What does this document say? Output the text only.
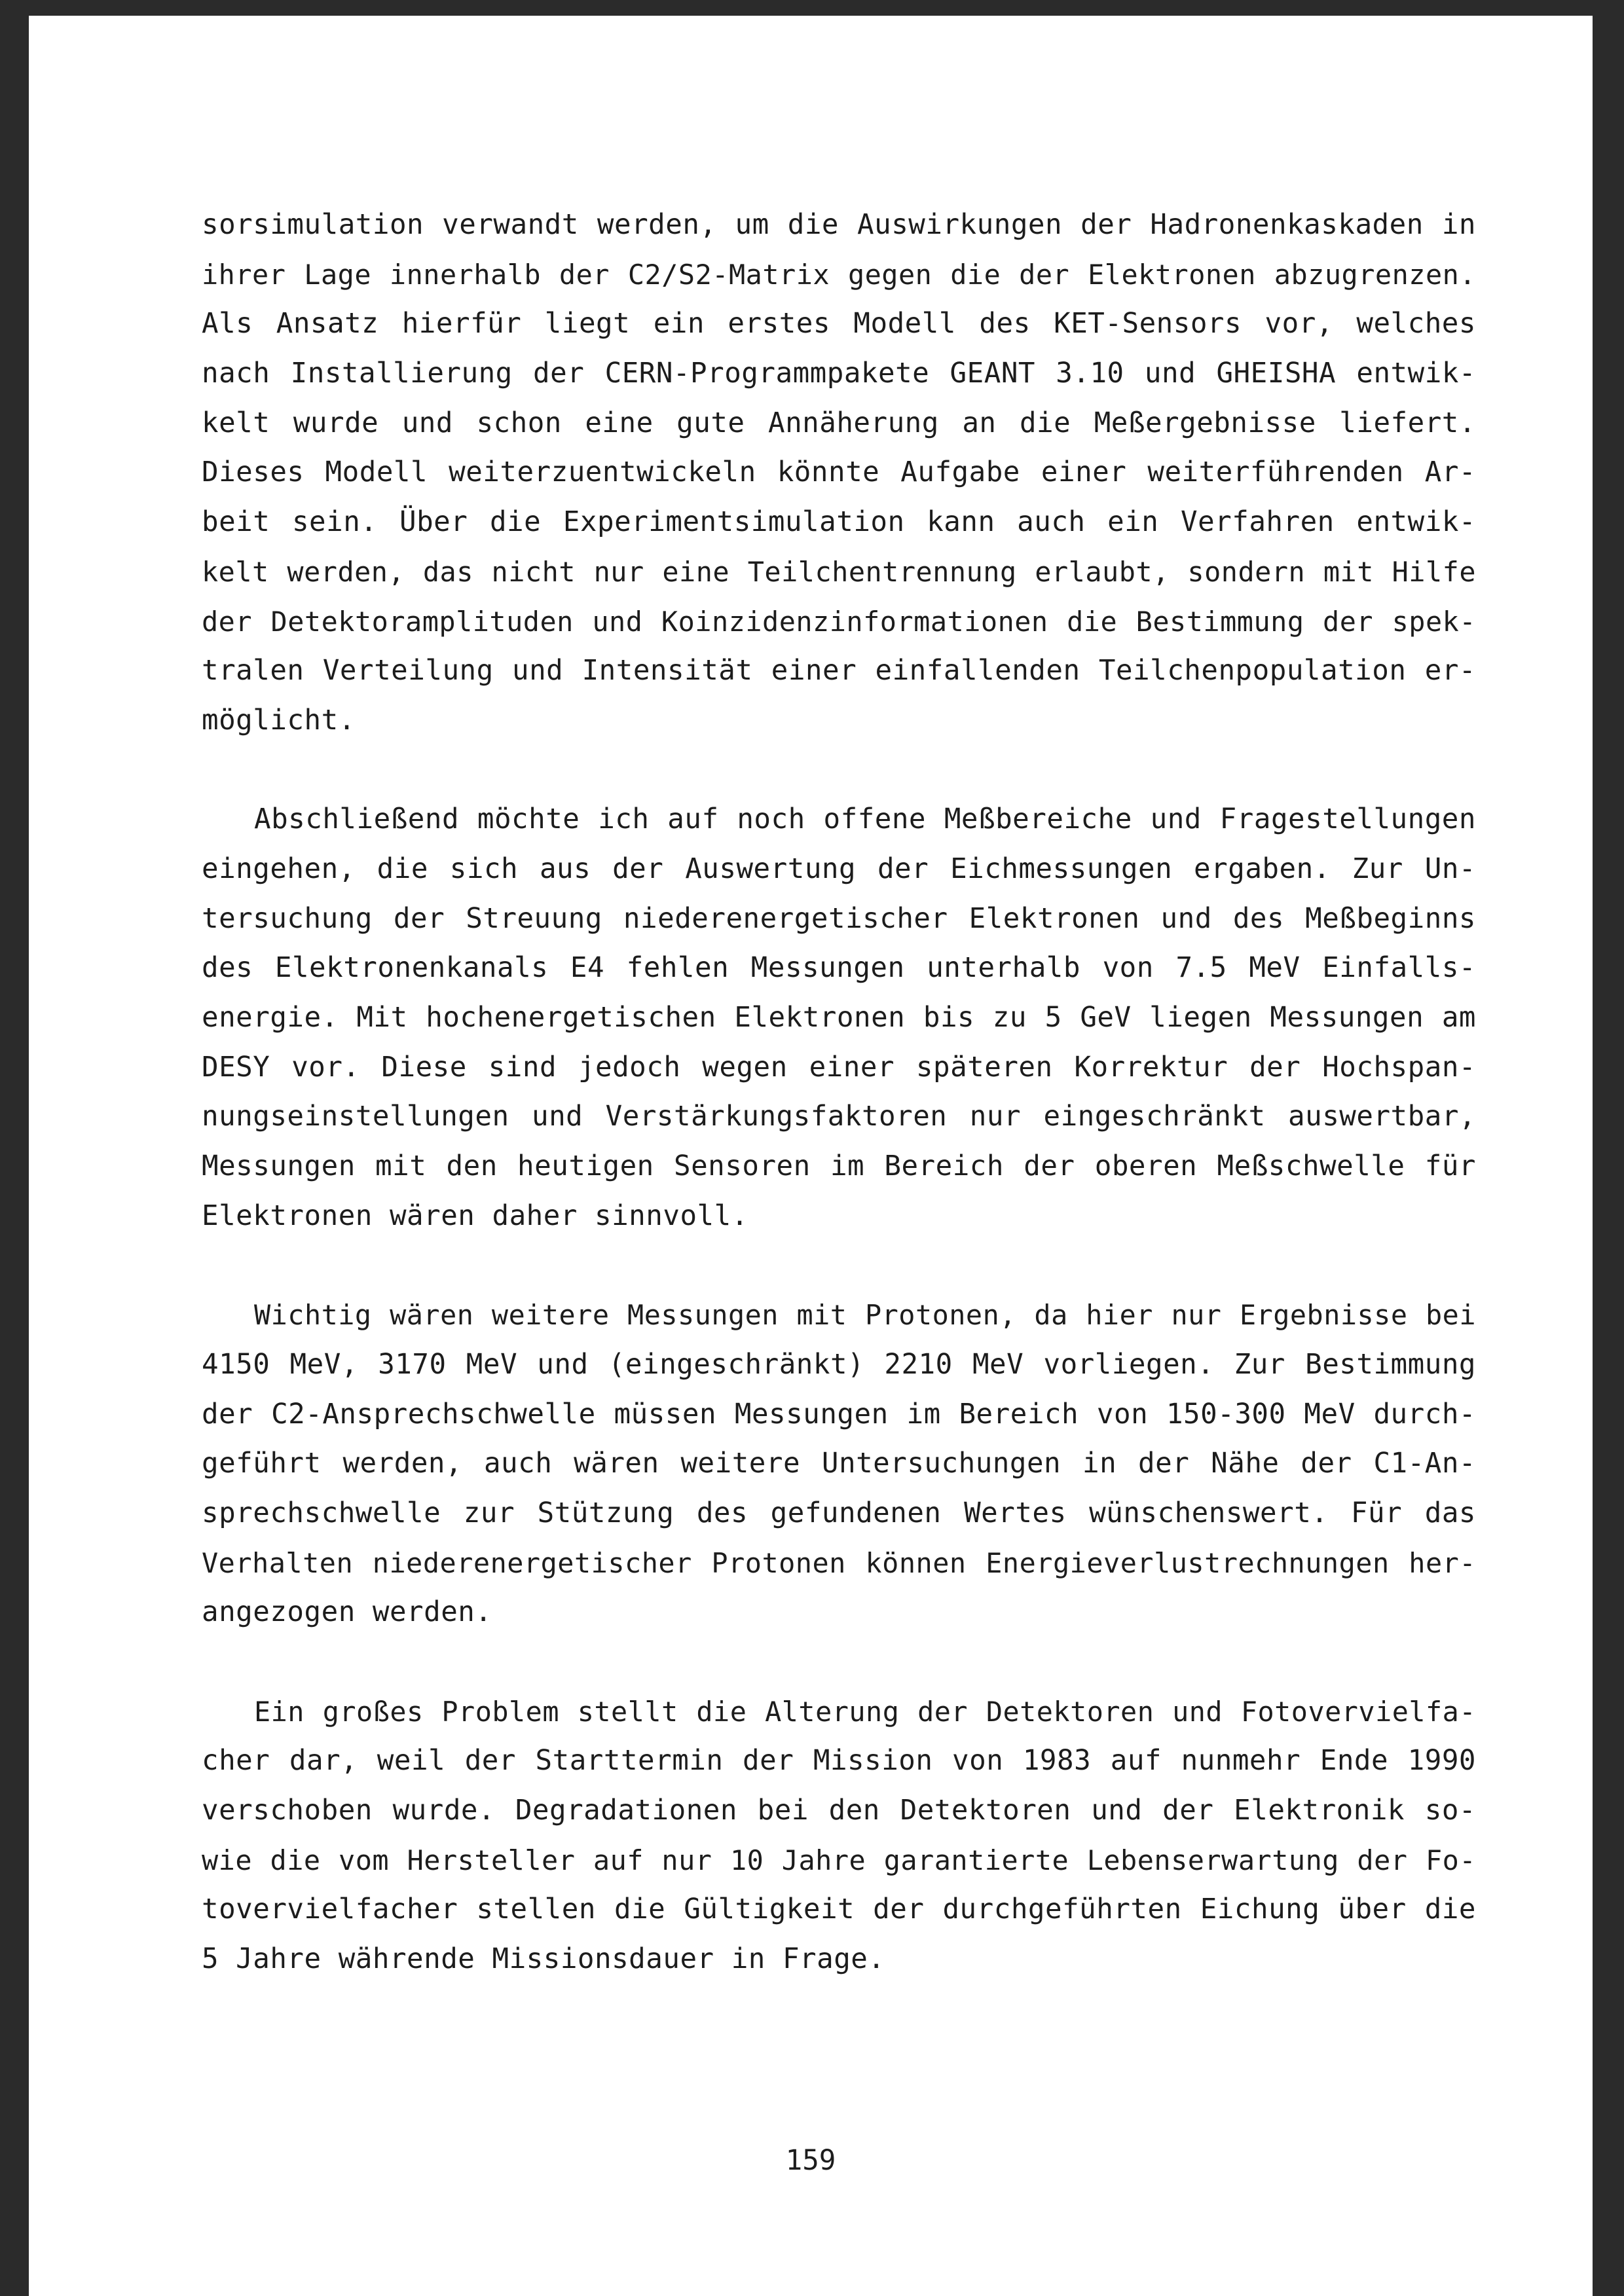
sorsimulation verwandt werden, um die Auswirkungen der Hadronenkaskaden in
ihrer Lage innerhalb der C2/S2-Matrix gegen die der Elektronen abzugrenzen.
Als Ansatz hierfür liegt ein erstes Modell des KET-Sensors vor, welches
nach Installierung der CERN-Programmpakete GEANT 3.10 und GHEISHA entwik-
kelt wurde und schon eine gute Annäherung an die Meßergebnisse liefert.
Dieses Modell weiterzuentwickeln könnte Aufgabe einer weiterführenden Ar-
beit sein. Über die Experimentsimulation kann auch ein Verfahren entwik-
kelt werden, das nicht nur eine Teilchentrennung erlaubt, sondern mit Hilfe
der Detektoramplituden und Koinzidenzinformationen die Bestimmung der spek-
tralen Verteilung und Intensität einer einfallenden Teilchenpopulation er-
möglicht.
Abschließend möchte ich auf noch offene Meßbereiche und Fragestellungen
eingehen, die sich aus der Auswertung der Eichmessungen ergaben. Zur Un-
tersuchung der Streuung niederenergetischer Elektronen und des Meßbeginns
des Elektronenkanals E4 fehlen Messungen unterhalb von 7.5 MeV Einfalls-
energie. Mit hochenergetischen Elektronen bis zu 5 GeV liegen Messungen am
DESY vor. Diese sind jedoch wegen einer späteren Korrektur der Hochspan-
nungseinstellungen und Verstärkungsfaktoren nur eingeschränkt auswertbar,
Messungen mit den heutigen Sensoren im Bereich der oberen Meßschwelle für
Elektronen wären daher sinnvoll.
Wichtig wären weitere Messungen mit Protonen, da hier nur Ergebnisse bei
4150 MeV, 3170 MeV und (eingeschränkt) 2210 MeV vorliegen. Zur Bestimmung
der C2-Ansprechschwelle müssen Messungen im Bereich von 150-300 MeV durch-
geführt werden, auch wären weitere Untersuchungen in der Nähe der C1-An-
sprechschwelle zur Stützung des gefundenen Wertes wünschenswert. Für das
Verhalten niederenergetischer Protonen können Energieverlustrechnungen her-
angezogen werden.
Ein großes Problem stellt die Alterung der Detektoren und Fotovervielfa-
cher dar, weil der Starttermin der Mission von 1983 auf nunmehr Ende 1990
verschoben wurde. Degradationen bei den Detektoren und der Elektronik so-
wie die vom Hersteller auf nur 10 Jahre garantierte Lebenserwartung der Fo-
tovervielfacher stellen die Gültigkeit der durchgeführten Eichung über die
5 Jahre währende Missionsdauer in Frage.
159
